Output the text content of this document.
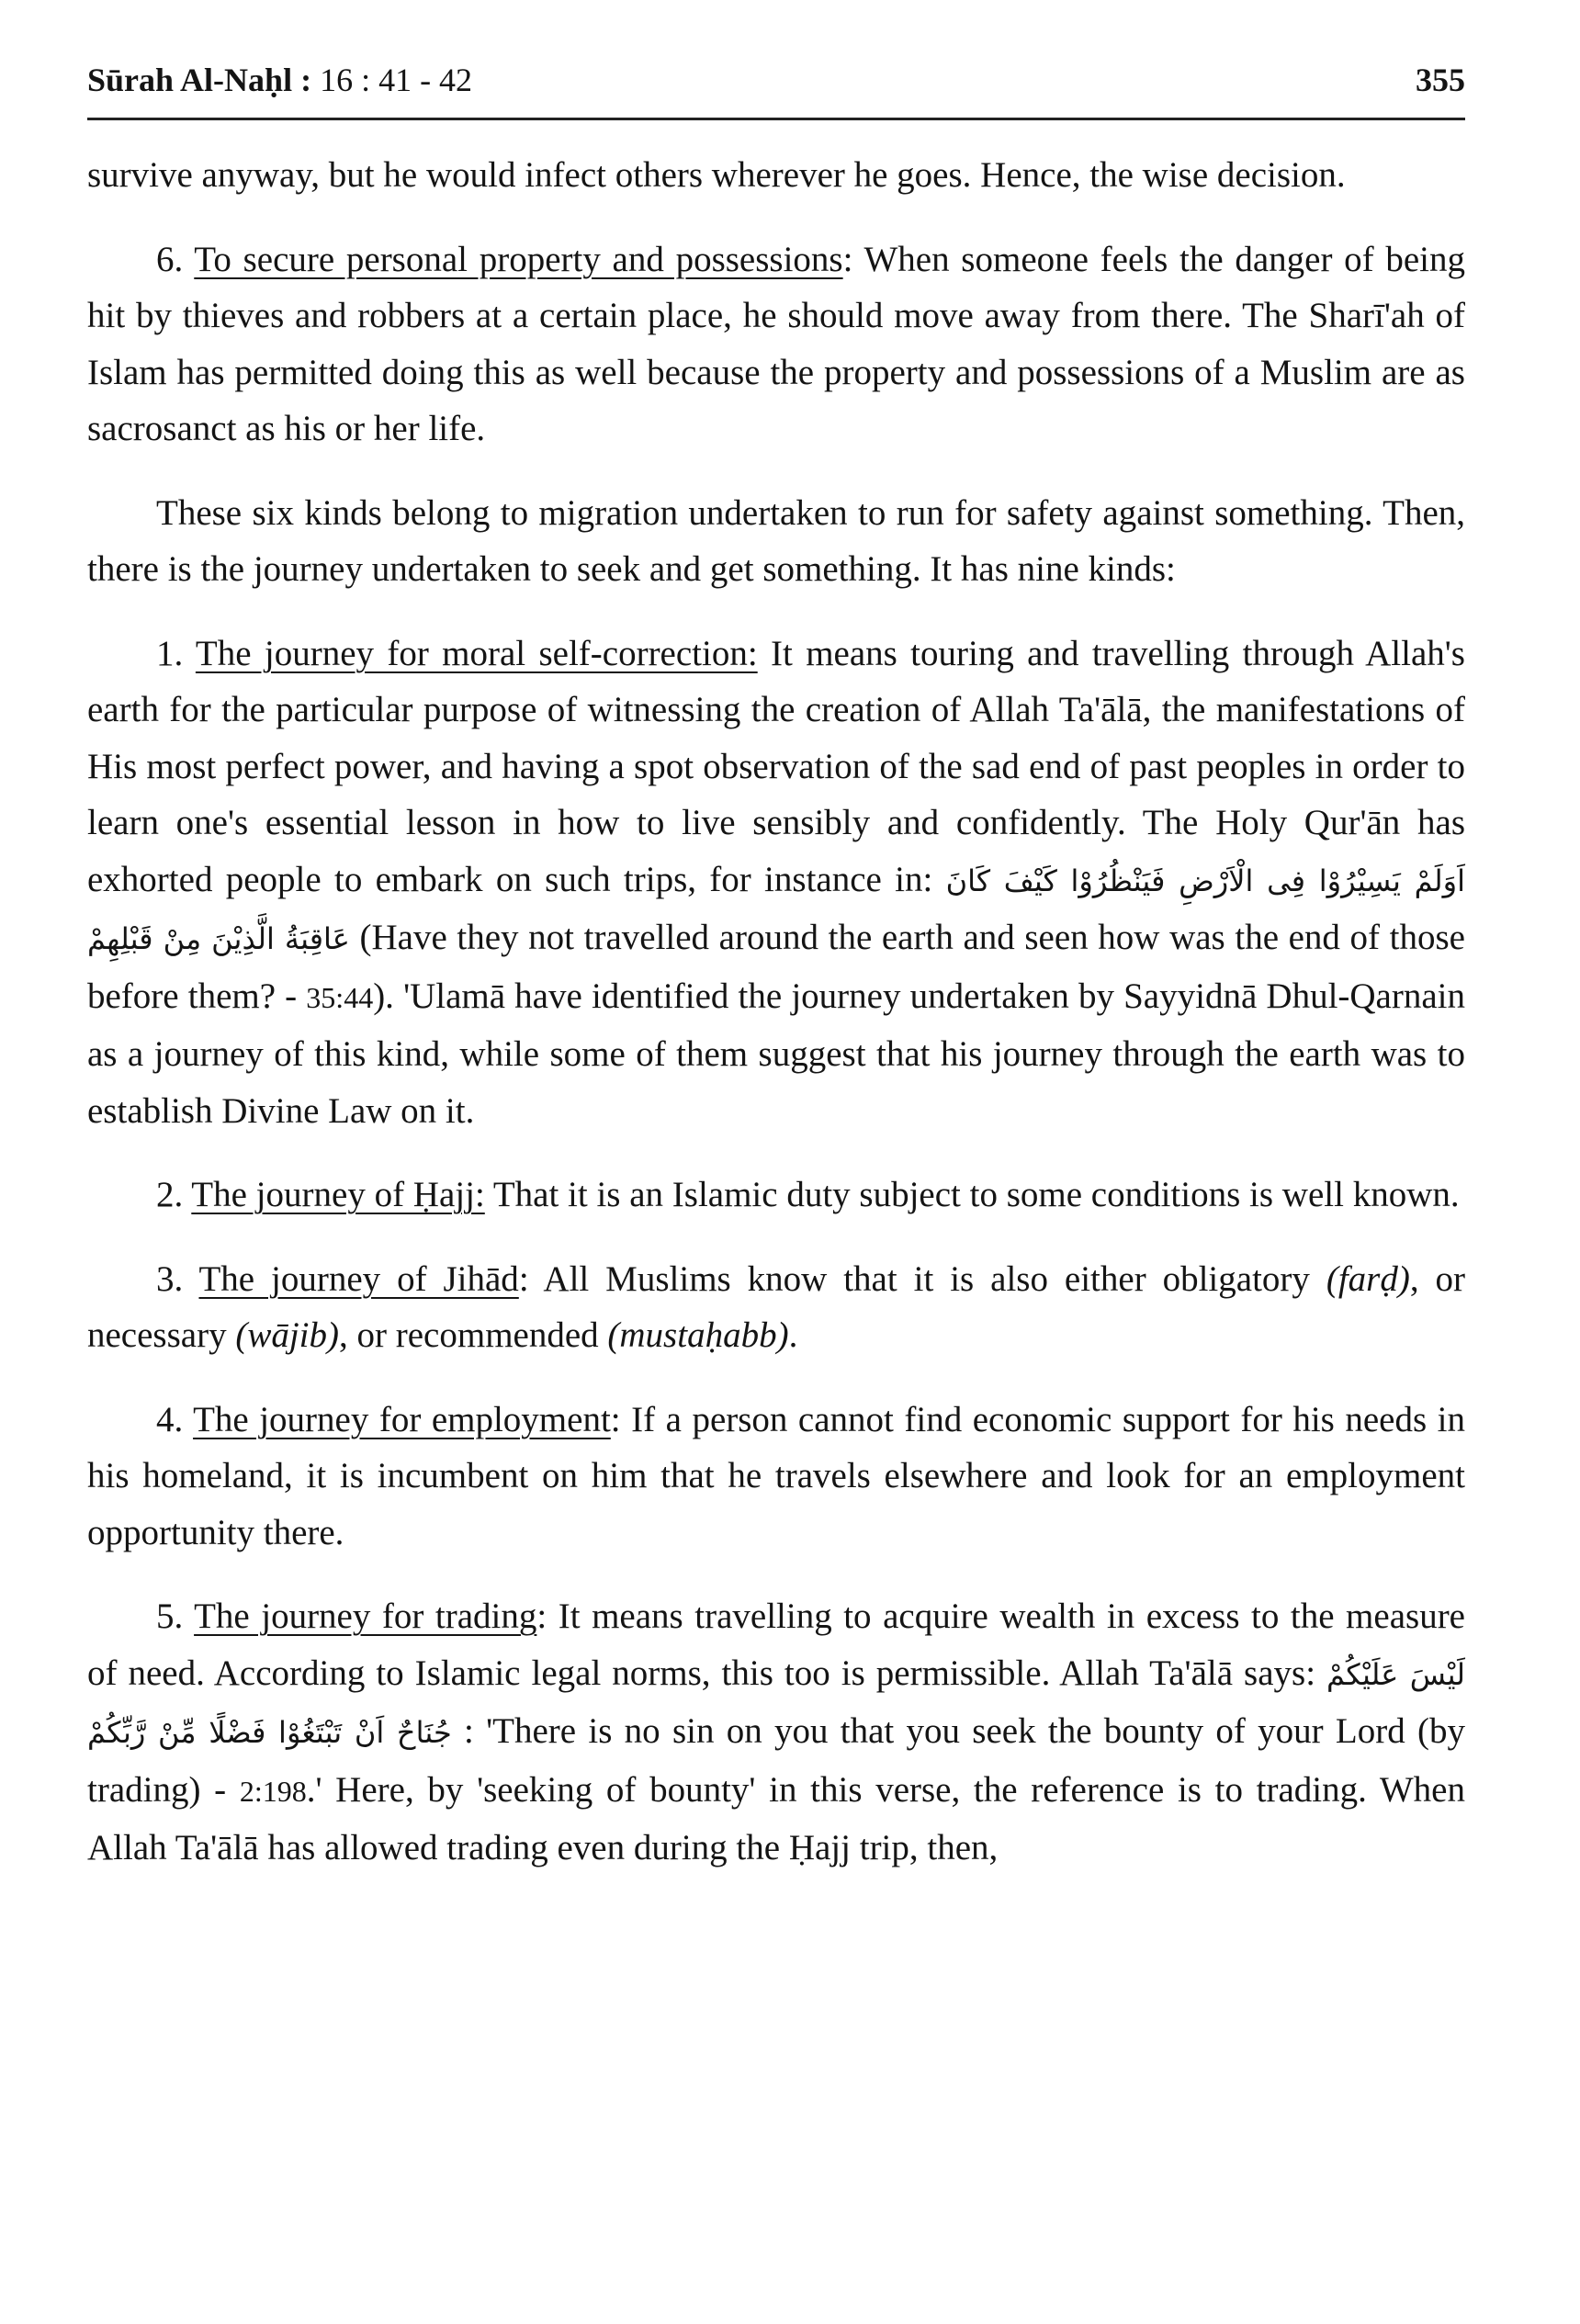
Sūrah Al-Naḥl : 16 : 41 - 42	355

survive anyway, but he would infect others wherever he goes. Hence, the wise decision.

6. To secure personal property and possessions: When someone feels the danger of being hit by thieves and robbers at a certain place, he should move away from there. The Sharī'ah of Islam has permitted doing this as well because the property and possessions of a Muslim are as sacrosanct as his or her life.

These six kinds belong to migration undertaken to run for safety against something. Then, there is the journey undertaken to seek and get something. It has nine kinds:

1. The journey for moral self-correction: It means touring and travelling through Allah's earth for the particular purpose of witnessing the creation of Allah Ta'ālā, the manifestations of His most perfect power, and having a spot observation of the sad end of past peoples in order to learn one's essential lesson in how to live sensibly and confidently. The Holy Qur'ān has exhorted people to embark on such trips, for instance in: اَوَلَمْ يَسِيْرُوْا فِى الْاَرْضِ فَيَنْظُرُوْا كَيْفَ كَانَ عَاقِبَةُ الَّذِيْنَ مِنْ قَبْلِهِمْ (Have they not travelled around the earth and seen how was the end of those before them? - 35:44). 'Ulamā have identified the journey undertaken by Sayyidnā Dhul-Qarnain as a journey of this kind, while some of them suggest that his journey through the earth was to establish Divine Law on it.

2. The journey of Ḥajj: That it is an Islamic duty subject to some conditions is well known.

3. The journey of Jihād: All Muslims know that it is also either obligatory (farḍ), or necessary (wājib), or recommended (mustaḥabb).

4. The journey for employment: If a person cannot find economic support for his needs in his homeland, it is incumbent on him that he travels elsewhere and look for an employment opportunity there.

5. The journey for trading: It means travelling to acquire wealth in excess to the measure of need. According to Islamic legal norms, this too is permissible. Allah Ta'ālā says: لَيْسَ عَلَيْكُمْ جُنَاحٌ اَنْ تَبْتَغُوْا فَضْلًا مِّنْ رَّبِّكُمْ : 'There is no sin on you that you seek the bounty of your Lord (by trading) - 2:198.' Here, by 'seeking of bounty' in this verse, the reference is to trading. When Allah Ta'ālā has allowed trading even during the Ḥajj trip, then,
